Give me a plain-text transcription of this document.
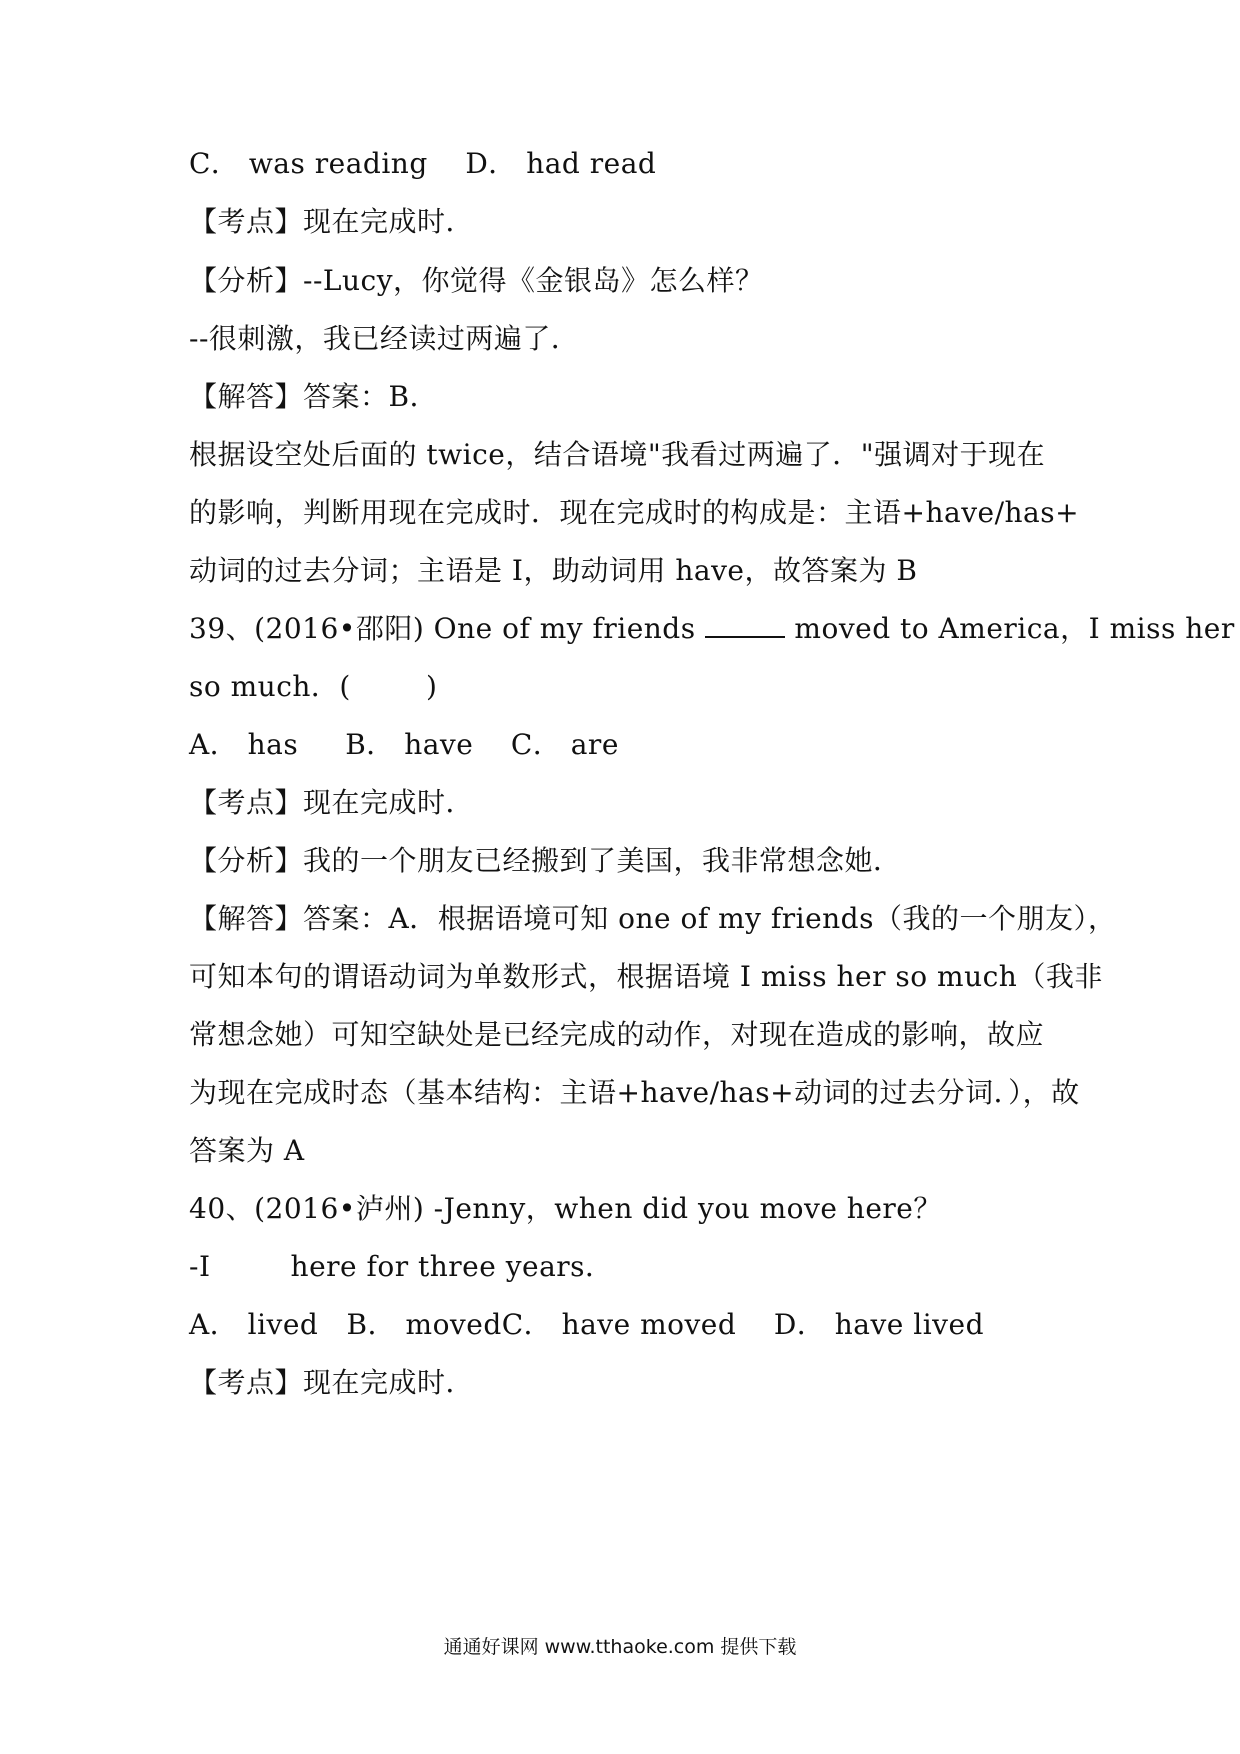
C． was reading    D． had read
【考点】现在完成时．
【分析】--Lucy，你觉得《金银岛》怎么样？
--很刺激，我已经读过两遍了．
【解答】答案：B．
根据设空处后面的 twice，结合语境"我看过两遍了．"强调对于现在
的影响，判断用现在完成时．现在完成时的构成是：主语+have/has+
动词的过去分词；主语是 I，助动词用 have，故答案为 B
39、(2016•邵阳) One of my friends	moved to America，I miss her
so much．(        )
A． has     B． have    C． are
【考点】现在完成时．
【分析】我的一个朋友已经搬到了美国，我非常想念她．
【解答】答案：A．根据语境可知 one of my friends（我的一个朋友），
可知本句的谓语动词为单数形式，根据语境 I miss her so much（我非
常想念她）可知空缺处是已经完成的动作，对现在造成的影响，故应
为现在完成时态（基本结构：主语+have/has+动词的过去分词．），故
答案为 A
40、(2016•泸州) -Jenny，when did you move here？
-I	here for three years．
A． lived   B． movedC． have moved    D． have lived
【考点】现在完成时．
通通好课网 www.tthaoke.com 提供下载
